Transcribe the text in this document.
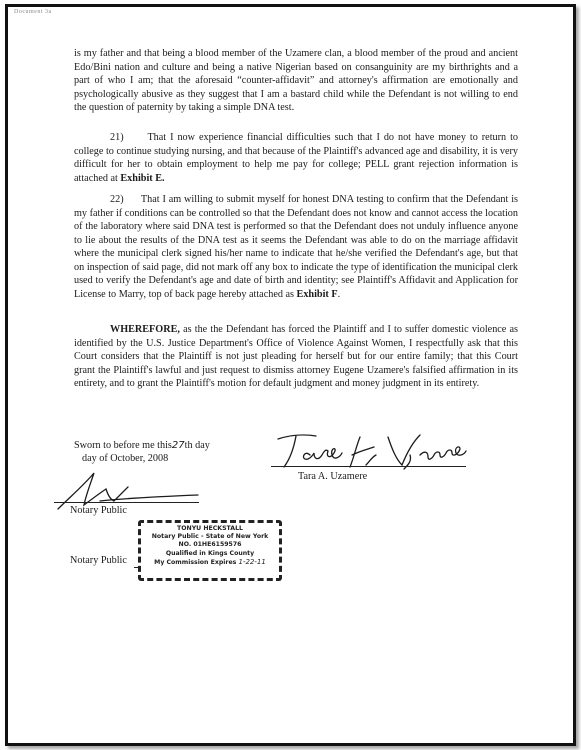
Document 3a

is my father and that being a blood member of the Uzamere clan, a blood member of the proud and ancient Edo/Bini nation and culture and being a native Nigerian based on consanguinity are my birthrights and a part of who I am; that the aforesaid “counter-affidavit” and attorney's affirmation are emotionally and psychologically abusive as they suggest that I am a bastard child while the Defendant is not willing to end the question of paternity by taking a simple DNA test.

21) That I now experience financial difficulties such that I do not have money to return to college to continue studying nursing, and that because of the Plaintiff's advanced age and disability, it is very difficult for her to obtain employment to help me pay for college; PELL grant rejection information is attached at Exhibit E.

22) That I am willing to submit myself for honest DNA testing to confirm that the Defendant is my father if conditions can be controlled so that the Defendant does not know and cannot access the location of the laboratory where said DNA test is performed so that the Defendant does not unduly influence anyone to lie about the results of the DNA test as it seems the Defendant was able to do on the marriage affidavit where the municipal clerk signed his/her name to indicate that he/she verified the Defendant's age, but that on inspection of said page, did not mark off any box to indicate the type of identification the municipal clerk used to verify the Defendant's age and date of birth and identity; see Plaintiff's Affidavit and Application for License to Marry, top of back page hereby attached as Exhibit F.

WHEREFORE, as the the Defendant has forced the Plaintiff and I to suffer domestic violence as identified by the U.S. Justice Department's Office of Violence Against Women, I respectfully ask that this Court considers that the Plaintiff is not just pleading for herself but for our entire family; that this Court grant the Plaintiff's lawful and just request to dismiss attorney Eugene Uzamere's falsified affirmation in its entirety, and to grant the Plaintiff's motion for default judgment and money judgment in its entirety.

Sworn to before me this27th day
day of October, 2008
Tara A. Uzamere
Notary Public
Notary Public
TONYU HECKSTALL
Notary Public - State of New York
NO. 01HE6159576
Qualified in Kings County
My Commission Expires 1-22-11
